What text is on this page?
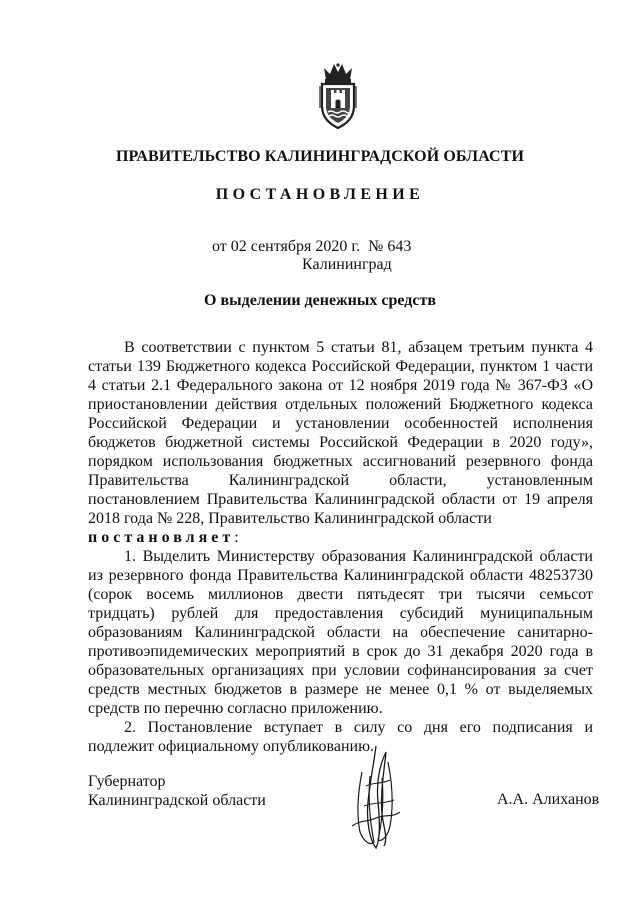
ПРАВИТЕЛЬСТВО КАЛИНИНГРАДСКОЙ ОБЛАСТИ
ПОСТАНОВЛЕНИЕ
от 02 сентября 2020 г.  № 643
Калининград
О выделении денежных средств

В соответствии с пунктом 5 статьи 81, абзацем третьим пункта 4 статьи 139 Бюджетного кодекса Российской Федерации, пунктом 1 части 4 статьи 2.1 Федерального закона от 12 ноября 2019 года № 367-ФЗ «О приостановлении действия отдельных положений Бюджетного кодекса Российской Федерации и установлении особенностей исполнения бюджетов бюджетной системы Российской Федерации в 2020 году», порядком использования бюджетных ассигнований резервного фонда Правительства Калининградской области, установленным постановлением Правительства Калининградской области от 19 апреля 2018 года № 228, Правительство Калининградской области

постановляет:

1. Выделить Министерству образования Калининградской области из резервного фонда Правительства Калининградской области 48253730 (сорок восемь миллионов двести пятьдесят три тысячи семьсот тридцать) рублей для предоставления субсидий муниципальным образованиям Калининградской области на обеспечение санитарно-противоэпидемических мероприятий в срок до 31 декабря 2020 года в образовательных организациях при условии софинансирования за счет средств местных бюджетов в размере не менее 0,1 % от выделяемых средств по перечню согласно приложению.

2. Постановление вступает в силу со дня его подписания и подлежит официальному опубликованию.

Губернатор
Калининградской области	А.А. Алиханов
